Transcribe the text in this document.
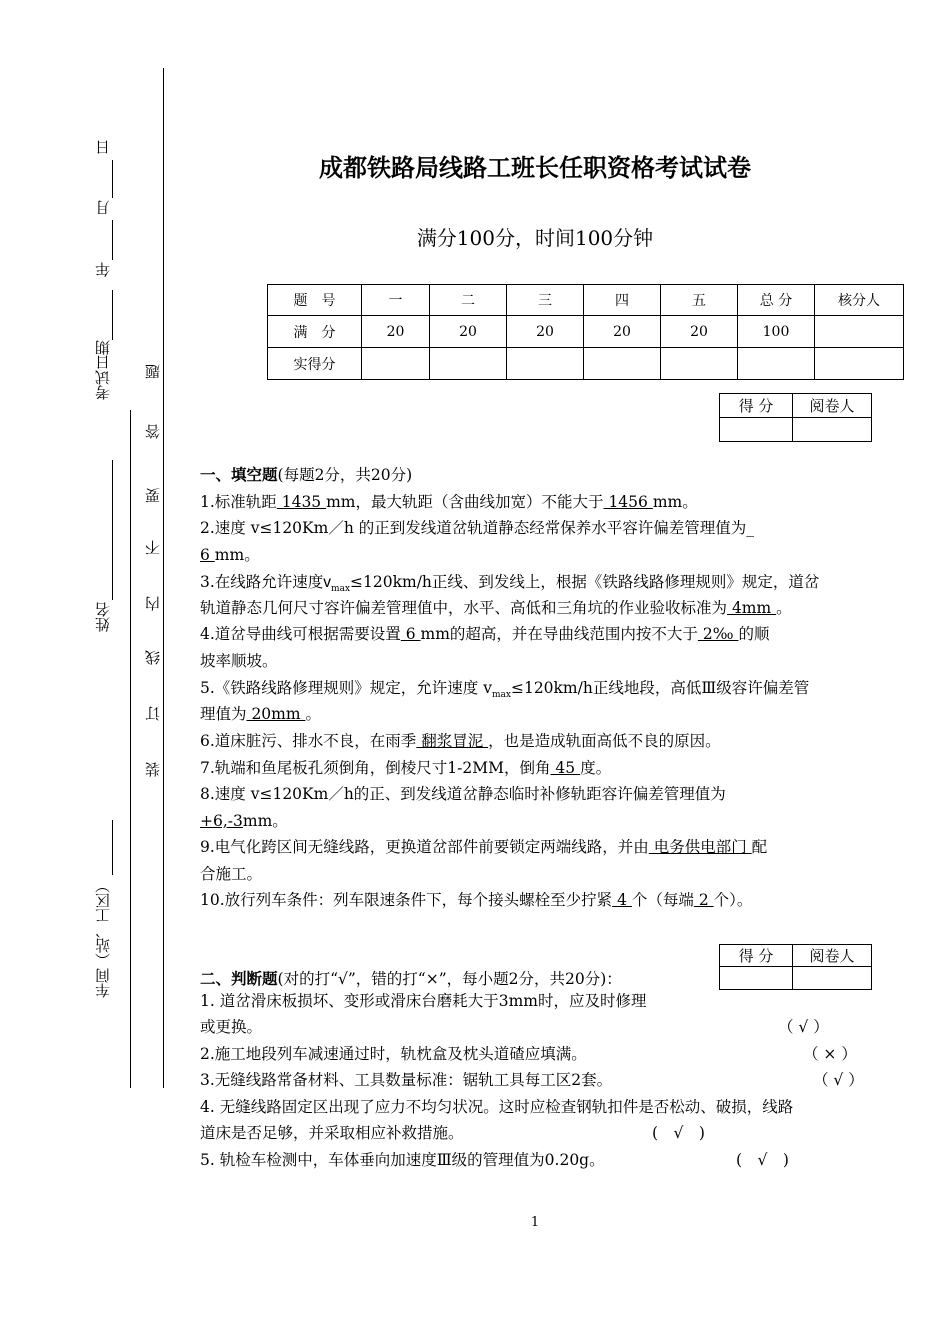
考试日期
年
月
日
姓名
车间（站、工区）
装
订
线
内
不
要
答
题
成都铁路局线路工班长任职资格考试试卷
满分100分，时间100分钟
题　号	一	二	三	四	五	总 分	核分人
满　分	20	20	20	20	20	100	
实得分							
得 分	阅卷人

一、填空题(每题2分，共20分)
1.标准轨距 1435 mm，最大轨距（含曲线加宽）不能大于 1456 mm。
2.速度 v≤120Km／h 的正到发线道岔轨道静态经常保养水平容许偏差管理值为_
6 mm。
3.在线路允许速度$v_{max}\le 120km/h$正线、到发线上，根据《铁路线路修理规则》规定，道岔
轨道静态几何尺寸容许偏差管理值中，水平、高低和三角坑的作业验收标准为 4mm 。
4.道岔导曲线可根据需要设置 6 mm的超高，并在导曲线范围内按不大于 2‰ 的顺
坡率顺坡。
5.《铁路线路修理规则》规定，允许速度 $v_{max}\le 120km/h$正线地段，高低Ⅲ级容许偏差管
理值为 20mm 。
6.道床脏污、排水不良，在雨季 翻浆冒泥 ，也是造成轨面高低不良的原因。
7.轨端和鱼尾板孔须倒角，倒棱尺寸1-2MM，倒角 45 度。
8.速度 v≤120Km／h的正、到发线道岔静态临时补修轨距容许偏差管理值为
+6,-3mm。
9.电气化跨区间无缝线路，更换道岔部件前要锁定两端线路，并由 电务供电部门 配
合施工。
10.放行列车条件：列车限速条件下，每个接头螺栓至少拧紧 4 个（每端 2 个）。
得 分	阅卷人

二、判断题(对的打“√”，错的打“×”，每小题2分，共20分)：
1. 道岔滑床板损坏、变形或滑床台磨耗大于3mm时，应及时修理
或更换。	（ √ ）
2.施工地段列车减速通过时，轨枕盒及枕头道碴应填满。	（ × ）
3.无缝线路常备材料、工具数量标准：锯轨工具每工区2套。	（ √ ）
4. 无缝线路固定区出现了应力不均匀状况。这时应检查钢轨扣件是否松动、破损，线路
道床是否足够，并采取相应补救措施。	(　√　)
5. 轨检车检测中，车体垂向加速度Ⅲ级的管理值为0.20g。	(　√　)
1
